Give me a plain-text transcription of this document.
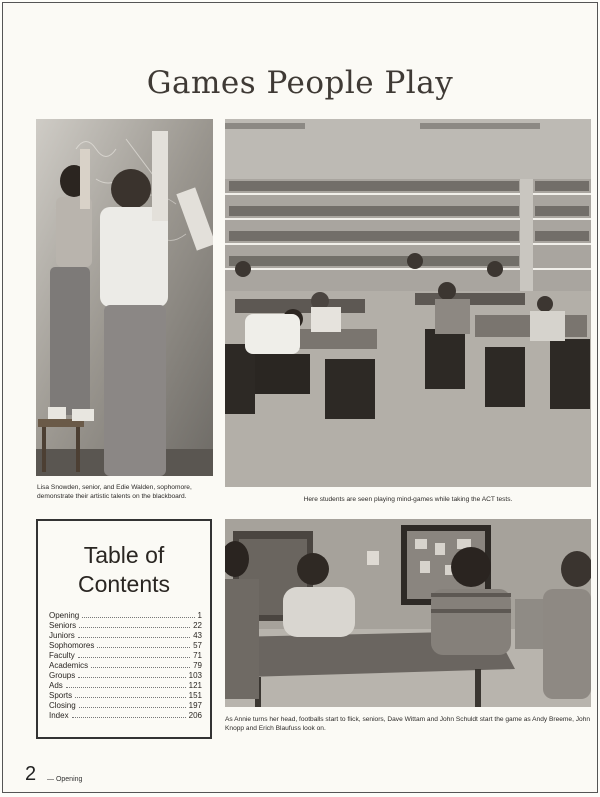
Games People Play
Lisa Snowden, senior, and Edie Walden, sophomore, demonstrate their artistic talents on the blackboard.	Here students are seen playing mind-games while taking the ACT tests.
Table of
Contents
Opening	1
Seniors	22
Juniors	43
Sophomores	57
Faculty	71
Academics	79
Groups	103
Ads	121
Sports	151
Closing	197
Index	206	As Annie turns her head, footballs start to flick, seniors, Dave Wittam and John Schuldt start the game as Andy Breeme, John Knopp and Erich Blaufuss look on.
2 — Opening
